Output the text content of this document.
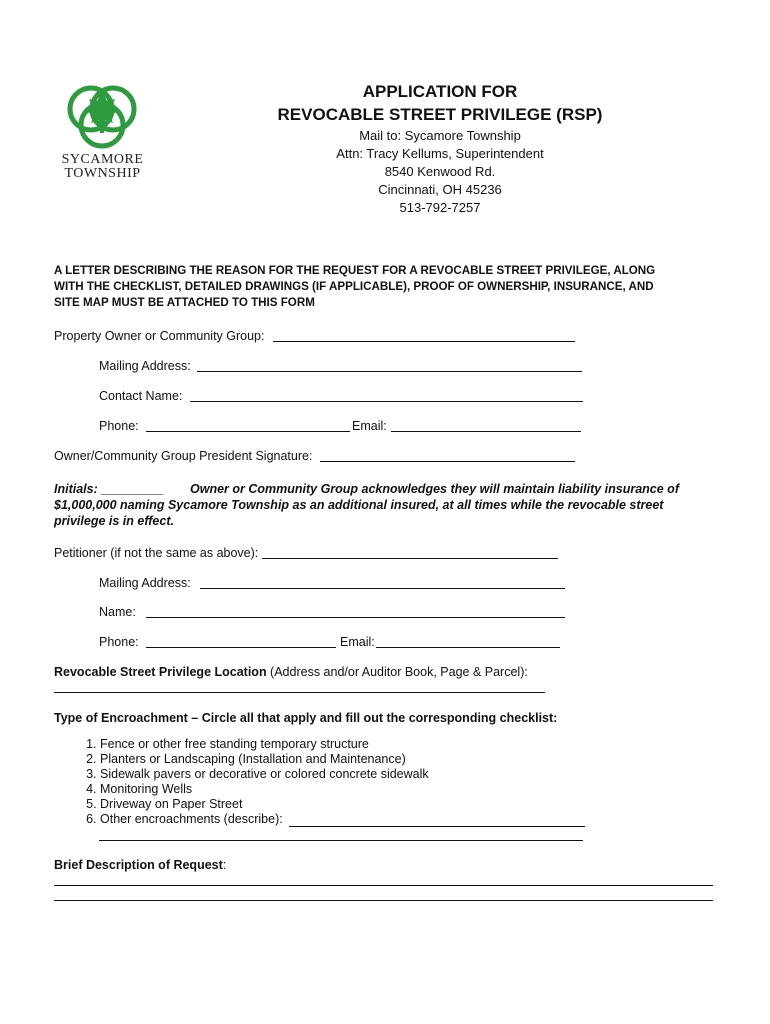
SYCAMORE
TOWNSHIP
APPLICATION FOR
REVOCABLE STREET PRIVILEGE (RSP)
Mail to: Sycamore Township
Attn: Tracy Kellums, Superintendent
8540 Kenwood Rd.
Cincinnati, OH 45236
513-792-7257
A LETTER DESCRIBING THE REASON FOR THE REQUEST FOR A REVOCABLE STREET PRIVILEGE, ALONG
WITH THE CHECKLIST, DETAILED DRAWINGS (IF APPLICABLE), PROOF OF OWNERSHIP, INSURANCE, AND
SITE MAP MUST BE ATTACHED TO THIS FORM
Property Owner or Community Group:
Mailing Address:
Contact Name:
Phone:	Email:
Owner/Community Group President Signature:
Initials: _________ Owner or Community Group acknowledges they will maintain liability insurance of
$1,000,000 naming Sycamore Township as an additional insured, at all times while the revocable street
privilege is in effect.
Petitioner (if not the same as above):
Mailing Address:
Name:
Phone:	Email:
Revocable Street Privilege Location (Address and/or Auditor Book, Page & Parcel):
Type of Encroachment – Circle all that apply and fill out the corresponding checklist:
1. Fence or other free standing temporary structure
2. Planters or Landscaping (Installation and Maintenance)
3. Sidewalk pavers or decorative or colored concrete sidewalk
4. Monitoring Wells
5. Driveway on Paper Street
6. Other encroachments (describe):
Brief Description of Request:
